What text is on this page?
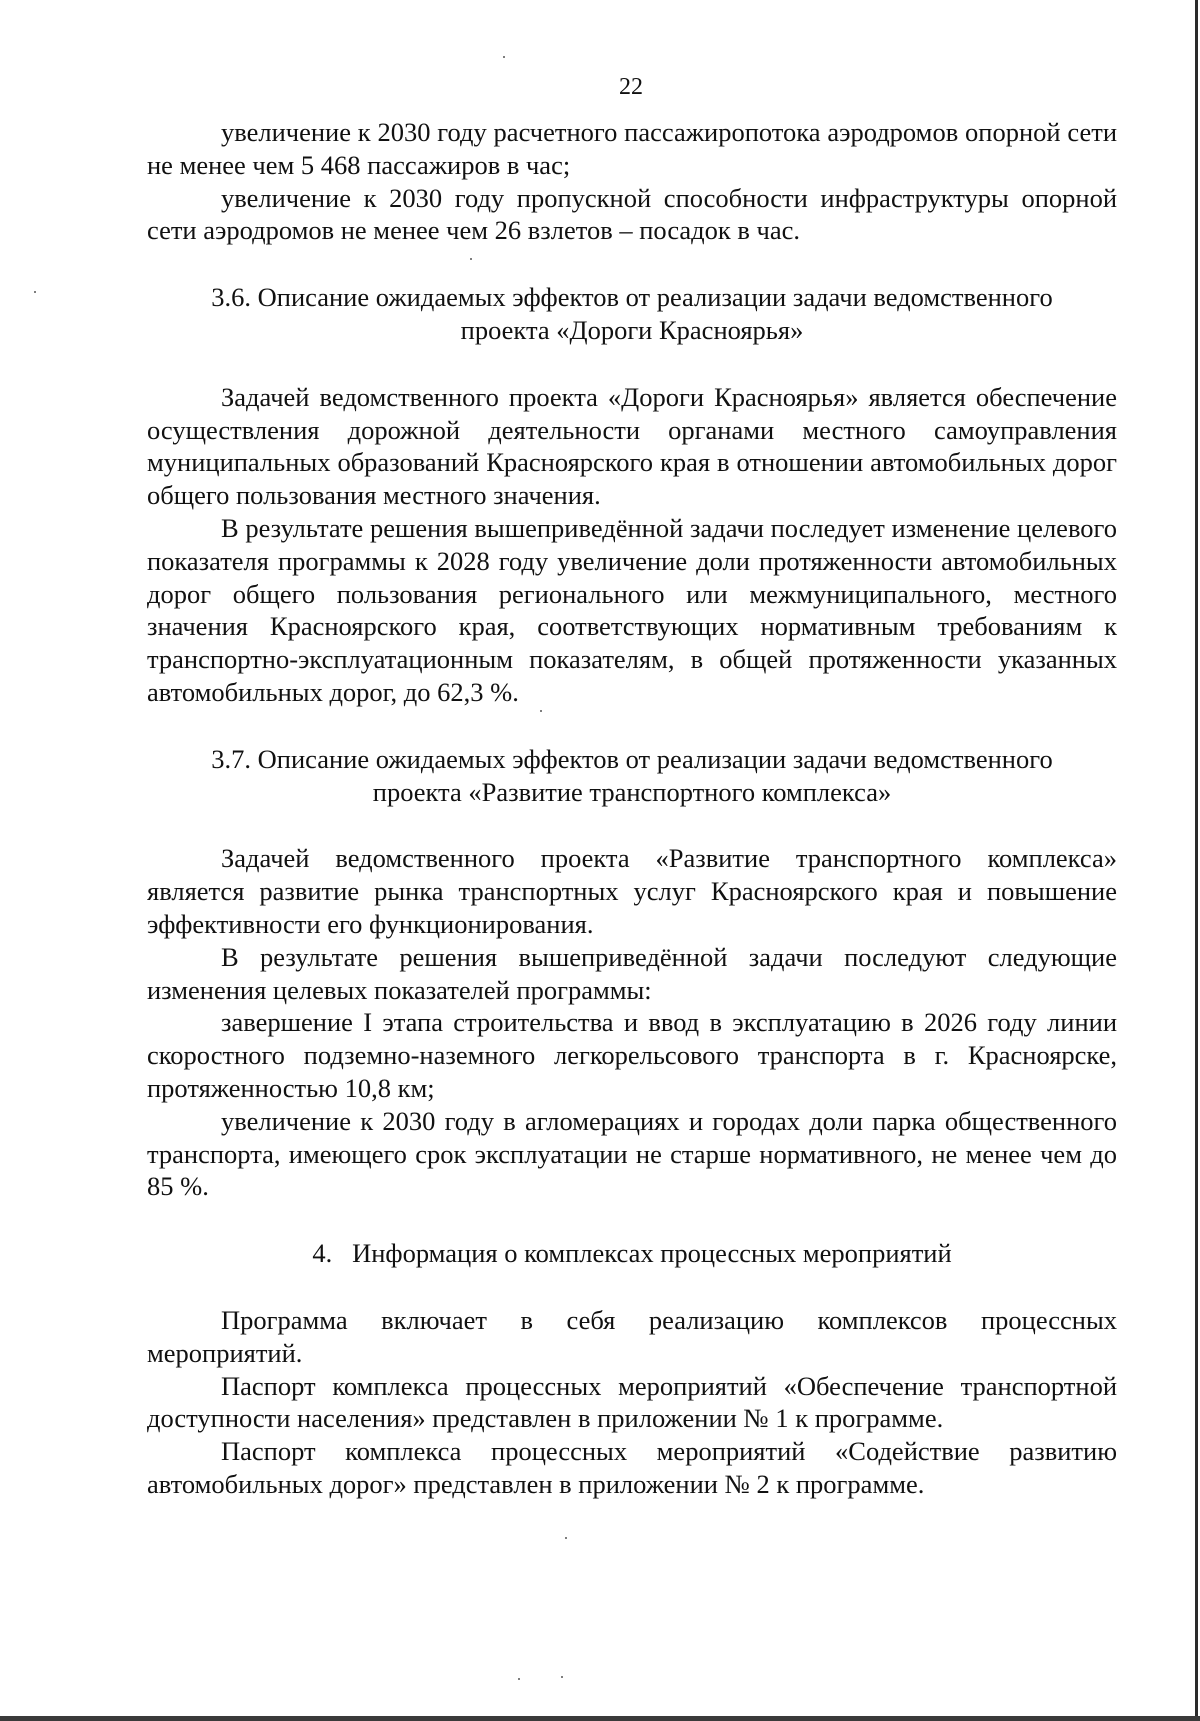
22

увеличение к 2030 году расчетного пассажиропотока аэродромов опорной сети не менее чем 5 468 пассажиров в час;

увеличение к 2030 году пропускной способности инфраструктуры опорной сети аэродромов не менее чем 26 взлетов – посадок в час.

3.6. Описание ожидаемых эффектов от реализации задачи ведомственного
проекта «Дороги Красноярья»

Задачей ведомственного проекта «Дороги Красноярья» является обеспечение осуществления дорожной деятельности органами местного самоуправления муниципальных образований Красноярского края в отношении автомобильных дорог общего пользования местного значения.

В результате решения вышеприведённой задачи последует изменение целевого показателя программы к 2028 году увеличение доли протяженности автомобильных дорог общего пользования регионального или межмуниципального, местного значения Красноярского края, соответствующих нормативным требованиям к транспортно-эксплуатационным показателям, в общей протяженности указанных автомобильных дорог, до 62,3 %.

3.7. Описание ожидаемых эффектов от реализации задачи ведомственного
проекта «Развитие транспортного комплекса»

Задачей ведомственного проекта «Развитие транспортного комплекса» является развитие рынка транспортных услуг Красноярского края и повышение эффективности его функционирования.

В результате решения вышеприведённой задачи последуют следующие изменения целевых показателей программы:

завершение I этапа строительства и ввод в эксплуатацию в 2026 году линии скоростного подземно-наземного легкорельсового транспорта в г. Красноярске, протяженностью 10,8 км;

увеличение к 2030 году в агломерациях и городах доли парка общественного транспорта, имеющего срок эксплуатации не старше нормативного, не менее чем до 85 %.

4.   Информация о комплексах процессных мероприятий

Программа включает в себя реализацию комплексов процессных мероприятий.

Паспорт комплекса процессных мероприятий «Обеспечение транспортной доступности населения» представлен в приложении № 1 к программе.

Паспорт комплекса процессных мероприятий «Содействие развитию автомобильных дорог» представлен в приложении № 2 к программе.
